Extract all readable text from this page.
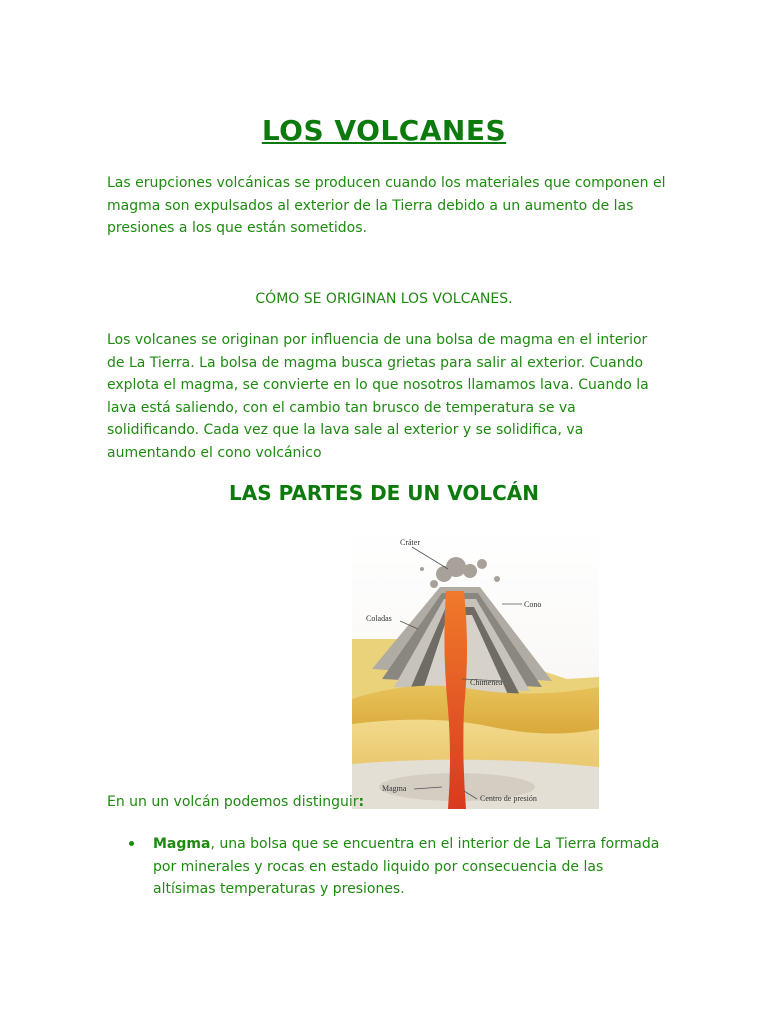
LOS VOLCANES
Las erupciones volcánicas se producen cuando los materiales que componen el magma son expulsados al exterior de la Tierra debido a un aumento de las presiones a los que están sometidos.
CÓMO SE ORIGINAN LOS VOLCANES.
Los volcanes se originan por influencia de una bolsa de magma en el interior de La Tierra. La bolsa de magma busca grietas para salir al exterior. Cuando explota el magma, se convierte en lo que nosotros llamamos lava. Cuando la lava está saliendo, con el cambio tan brusco de temperatura se va solidificando. Cada vez que la lava sale al exterior y se solidifica, va aumentando el cono volcánico
LAS PARTES DE UN VOLCÁN
Cráter
Cono
Coladas
Chimenea
Magma
Centro de presión
En un un volcán podemos distinguir:
Magma, una bolsa que se encuentra en el interior de La Tierra formada por minerales y rocas en estado liquido por consecuencia de las altísimas temperaturas y presiones.
